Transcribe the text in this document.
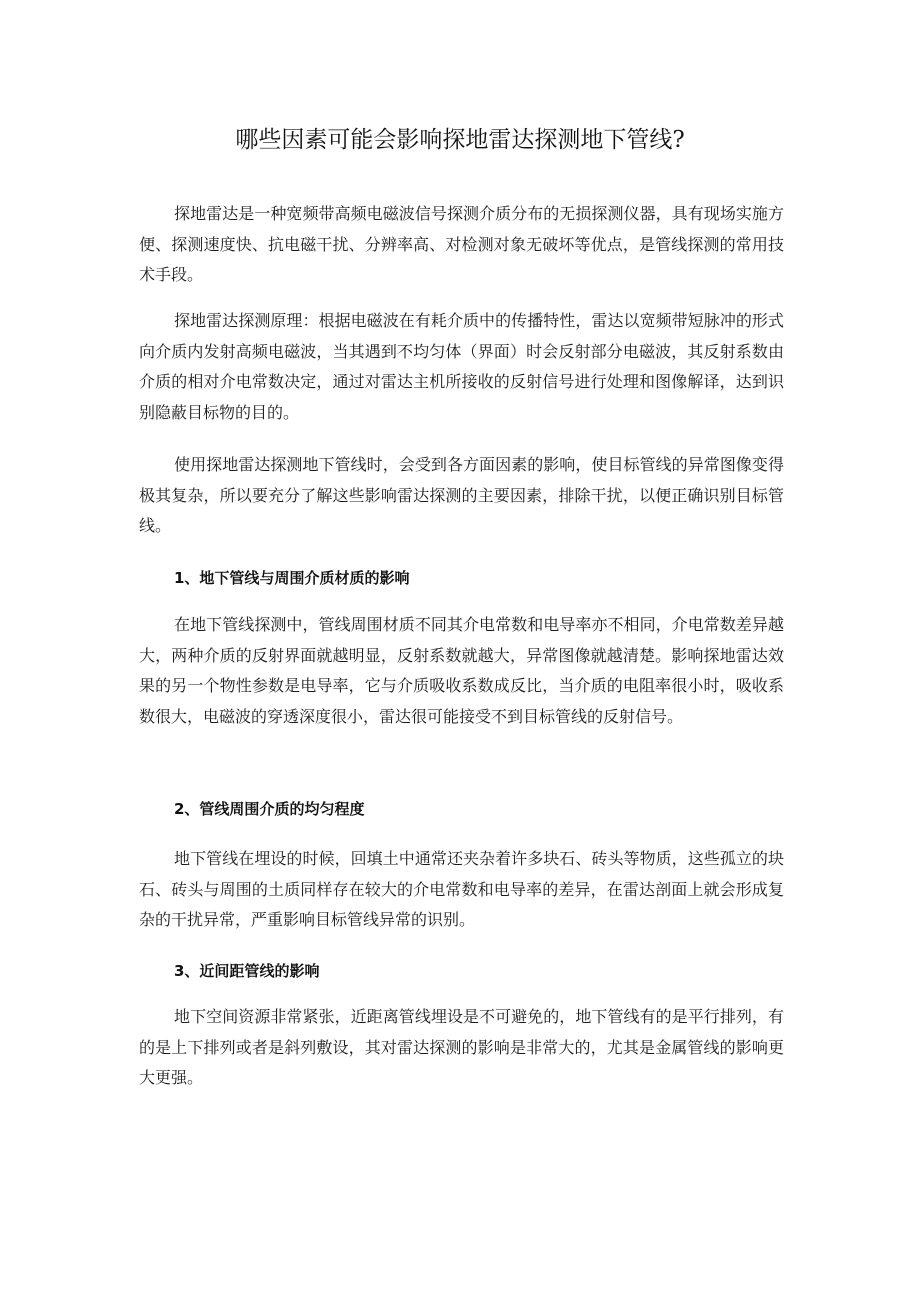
哪些因素可能会影响探地雷达探测地下管线?

探地雷达是一种宽频带高频电磁波信号探测介质分布的无损探测仪器，具有现场实施方便、探测速度快、抗电磁干扰、分辨率高、对检测对象无破坏等优点，是管线探测的常用技术手段。

探地雷达探测原理：根据电磁波在有耗介质中的传播特性，雷达以宽频带短脉冲的形式向介质内发射高频电磁波，当其遇到不均匀体（界面）时会反射部分电磁波，其反射系数由介质的相对介电常数决定，通过对雷达主机所接收的反射信号进行处理和图像解译，达到识别隐蔽目标物的目的。

使用探地雷达探测地下管线时，会受到各方面因素的影响，使目标管线的异常图像变得极其复杂，所以要充分了解这些影响雷达探测的主要因素，排除干扰，以便正确识别目标管线。

1、地下管线与周围介质材质的影响

在地下管线探测中，管线周围材质不同其介电常数和电导率亦不相同，介电常数差异越大，两种介质的反射界面就越明显，反射系数就越大，异常图像就越清楚。影响探地雷达效果的另一个物性参数是电导率，它与介质吸收系数成反比，当介质的电阻率很小时，吸收系数很大，电磁波的穿透深度很小，雷达很可能接受不到目标管线的反射信号。

2、管线周围介质的均匀程度

地下管线在埋设的时候，回填土中通常还夹杂着许多块石、砖头等物质，这些孤立的块石、砖头与周围的土质同样存在较大的介电常数和电导率的差异，在雷达剖面上就会形成复杂的干扰异常，严重影响目标管线异常的识别。

3、近间距管线的影响

地下空间资源非常紧张，近距离管线埋设是不可避免的，地下管线有的是平行排列，有的是上下排列或者是斜列敷设，其对雷达探测的影响是非常大的，尤其是金属管线的影响更大更强。
